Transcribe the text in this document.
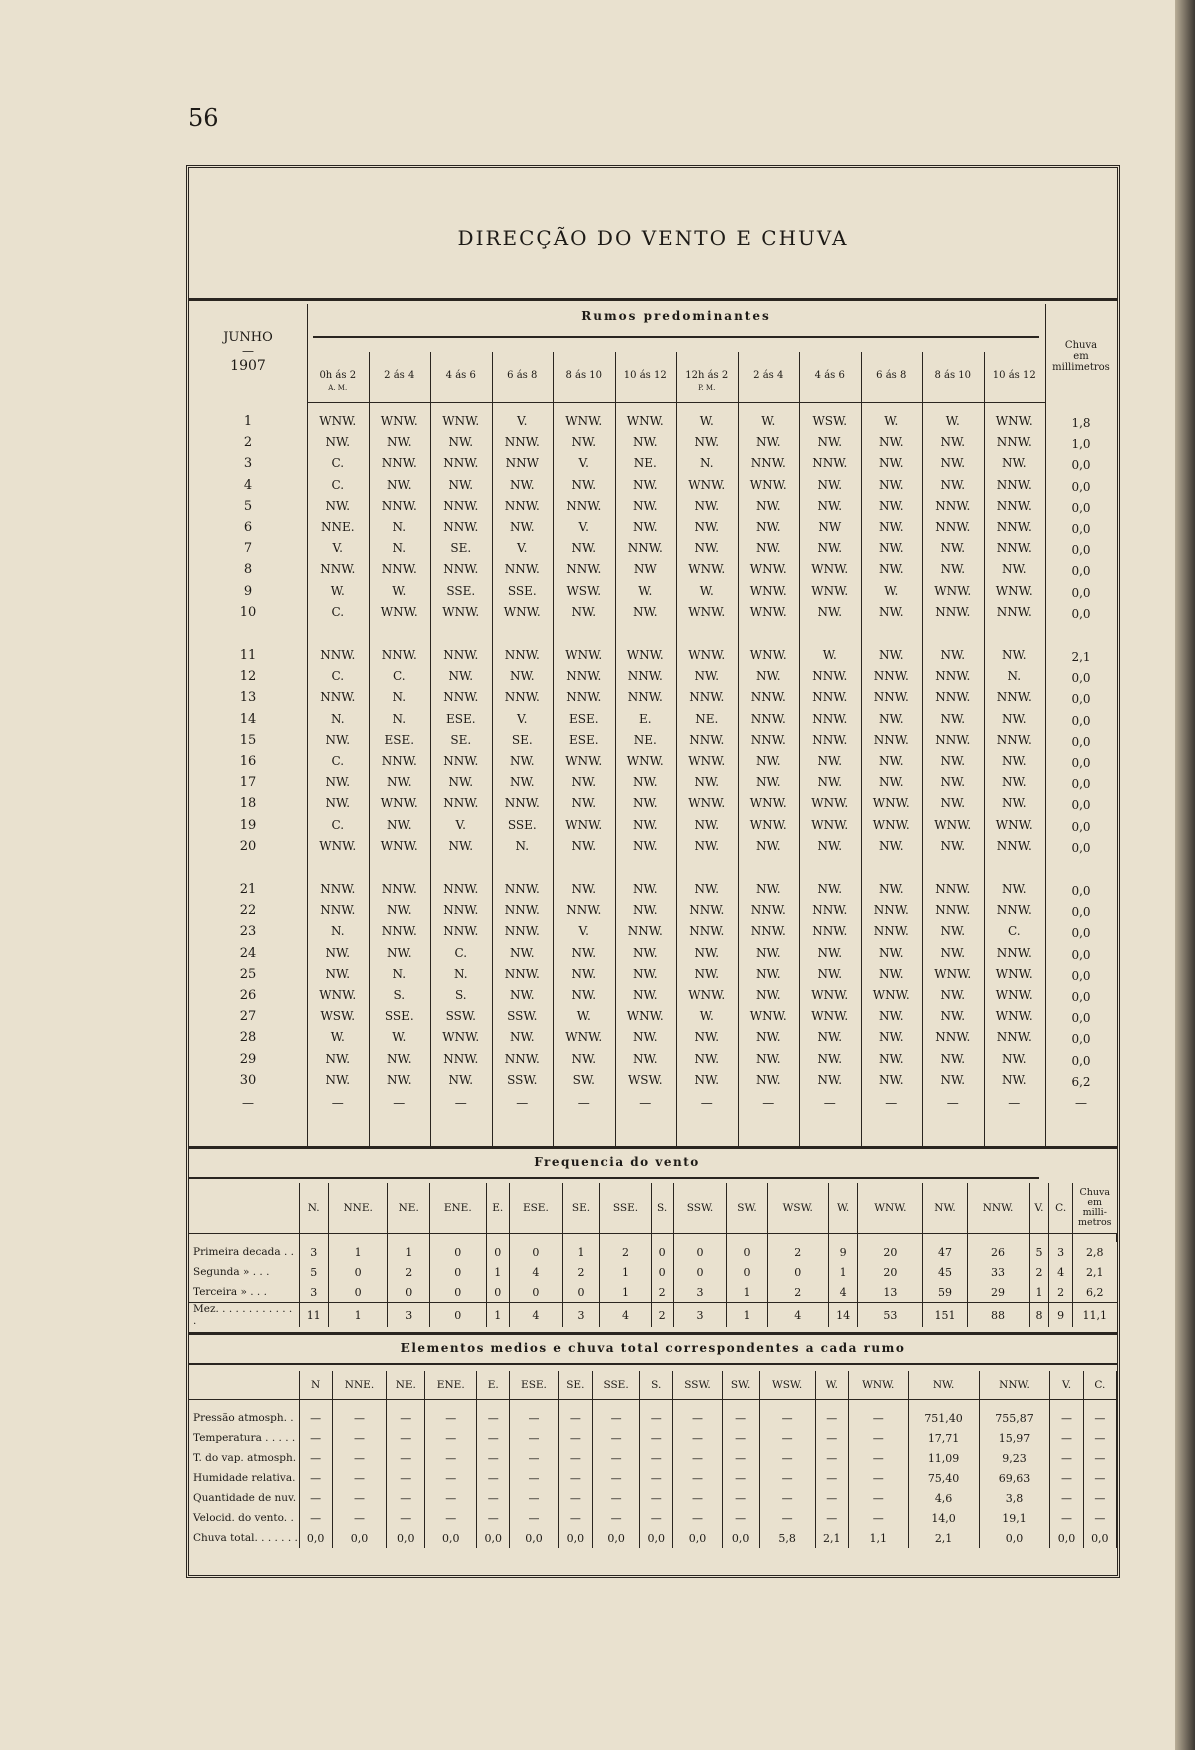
56
DIRECÇÃO DO VENTO E CHUVA
JUNHO
—
1907
Rumos predominantes
Chuva
em
millimetros
0h ás 2
A. M.
2 ás 4	4 ás 6	6 ás 8	8 ás 10	10 ás 12	12h ás 2
P. M.
2 ás 4	4 ás 6	6 ás 8	8 ás 10	10 ás 12
1	WNW.	WNW.	WNW.	V.	WNW.	WNW.	W.	W.	WSW.	W.	W.	WNW.	1,8
2	NW.	NW.	NW.	NNW.	NW.	NW.	NW.	NW.	NW.	NW.	NW.	NNW.	1,0
3	C.	NNW.	NNW.	NNW	V.	NE.	N.	NNW.	NNW.	NW.	NW.	NW.	0,0
4	C.	NW.	NW.	NW.	NW.	NW.	WNW.	WNW.	NW.	NW.	NW.	NNW.	0,0
5	NW.	NNW.	NNW.	NNW.	NNW.	NW.	NW.	NW.	NW.	NW.	NNW.	NNW.	0,0
6	NNE.	N.	NNW.	NW.	V.	NW.	NW.	NW.	NW	NW.	NNW.	NNW.	0,0
7	V.	N.	SE.	V.	NW.	NNW.	NW.	NW.	NW.	NW.	NW.	NNW.	0,0
8	NNW.	NNW.	NNW.	NNW.	NNW.	NW	WNW.	WNW.	WNW.	NW.	NW.	NW.	0,0
9	W.	W.	SSE.	SSE.	WSW.	W.	W.	WNW.	WNW.	W.	WNW.	WNW.	0,0
10	C.	WNW.	WNW.	WNW.	NW.	NW.	WNW.	WNW.	NW.	NW.	NNW.	NNW.	0,0
11	NNW.	NNW.	NNW.	NNW.	WNW.	WNW.	WNW.	WNW.	W.	NW.	NW.	NW.	2,1
12	C.	C.	NW.	NW.	NNW.	NNW.	NW.	NW.	NNW.	NNW.	NNW.	N.	0,0
13	NNW.	N.	NNW.	NNW.	NNW.	NNW.	NNW.	NNW.	NNW.	NNW.	NNW.	NNW.	0,0
14	N.	N.	ESE.	V.	ESE.	E.	NE.	NNW.	NNW.	NW.	NW.	NW.	0,0
15	NW.	ESE.	SE.	SE.	ESE.	NE.	NNW.	NNW.	NNW.	NNW.	NNW.	NNW.	0,0
16	C.	NNW.	NNW.	NW.	WNW.	WNW.	WNW.	NW.	NW.	NW.	NW.	NW.	0,0
17	NW.	NW.	NW.	NW.	NW.	NW.	NW.	NW.	NW.	NW.	NW.	NW.	0,0
18	NW.	WNW.	NNW.	NNW.	NW.	NW.	WNW.	WNW.	WNW.	WNW.	NW.	NW.	0,0
19	C.	NW.	V.	SSE.	WNW.	NW.	NW.	WNW.	WNW.	WNW.	WNW.	WNW.	0,0
20	WNW.	WNW.	NW.	N.	NW.	NW.	NW.	NW.	NW.	NW.	NW.	NNW.	0,0
21	NNW.	NNW.	NNW.	NNW.	NW.	NW.	NW.	NW.	NW.	NW.	NNW.	NW.	0,0
22	NNW.	NW.	NNW.	NNW.	NNW.	NW.	NNW.	NNW.	NNW.	NNW.	NNW.	NNW.	0,0
23	N.	NNW.	NNW.	NNW.	V.	NNW.	NNW.	NNW.	NNW.	NNW.	NW.	C.	0,0
24	NW.	NW.	C.	NW.	NW.	NW.	NW.	NW.	NW.	NW.	NW.	NNW.	0,0
25	NW.	N.	N.	NNW.	NW.	NW.	NW.	NW.	NW.	NW.	WNW.	WNW.	0,0
26	WNW.	S.	S.	NW.	NW.	NW.	WNW.	NW.	WNW.	WNW.	NW.	WNW.	0,0
27	WSW.	SSE.	SSW.	SSW.	W.	WNW.	W.	WNW.	WNW.	NW.	NW.	WNW.	0,0
28	W.	W.	WNW.	NW.	WNW.	NW.	NW.	NW.	NW.	NW.	NNW.	NNW.	0,0
29	NW.	NW.	NNW.	NNW.	NW.	NW.	NW.	NW.	NW.	NW.	NW.	NW.	0,0
30	NW.	NW.	NW.	SSW.	SW.	WSW.	NW.	NW.	NW.	NW.	NW.	NW.	6,2
—	—	—	—	—	—	—	—	—	—	—	—	—	—
Frequencia do vento

	N.	NNE.	NE.	ENE.	E.	ESE.	SE.	SSE.	S.	SSW.	SW.	WSW.	W.	WNW.	NW.	NNW.	V.	C.	Chuva
em
milli-
metros

Primeira decada . .	3	1	1	0	0	0	1	2	0	0	0	2	9	20	47	26	5	3	2,8
Segunda » . . .	5	0	2	0	1	4	2	1	0	0	0	0	1	20	45	33	2	4	2,1
Terceira » . . .	3	0	0	0	0	0	0	1	2	3	1	2	4	13	59	29	1	2	6,2
Mez. . . . . . . . . . . . .	11	1	3	0	1	4	3	4	2	3	1	4	14	53	151	88	8	9	11,1
Elementos medios e chuva total correspondentes a cada rumo
	N	NNE.	NE.	ENE.	E.	ESE.	SE.	SSE.	S.	SSW.	SW.	WSW.	W.	WNW.	NW.	NNW.	V.	C.

Pressão atmosph. .	—	—	—	—	—	—	—	—	—	—	—	—	—	—	751,40	755,87	—	—
Temperatura . . . . .	—	—	—	—	—	—	—	—	—	—	—	—	—	—	17,71	15,97	—	—
T. do vap. atmosph.	—	—	—	—	—	—	—	—	—	—	—	—	—	—	11,09	9,23	—	—
Humidade relativa.	—	—	—	—	—	—	—	—	—	—	—	—	—	—	75,40	69,63	—	—
Quantidade de nuv.	—	—	—	—	—	—	—	—	—	—	—	—	—	—	4,6	3,8	—	—
Velocid. do vento. .	—	—	—	—	—	—	—	—	—	—	—	—	—	—	14,0	19,1	—	—
Chuva total. . . . . . .	0,0	0,0	0,0	0,0	0,0	0,0	0,0	0,0	0,0	0,0	0,0	5,8	2,1	1,1	2,1	0,0	0,0	0,0
